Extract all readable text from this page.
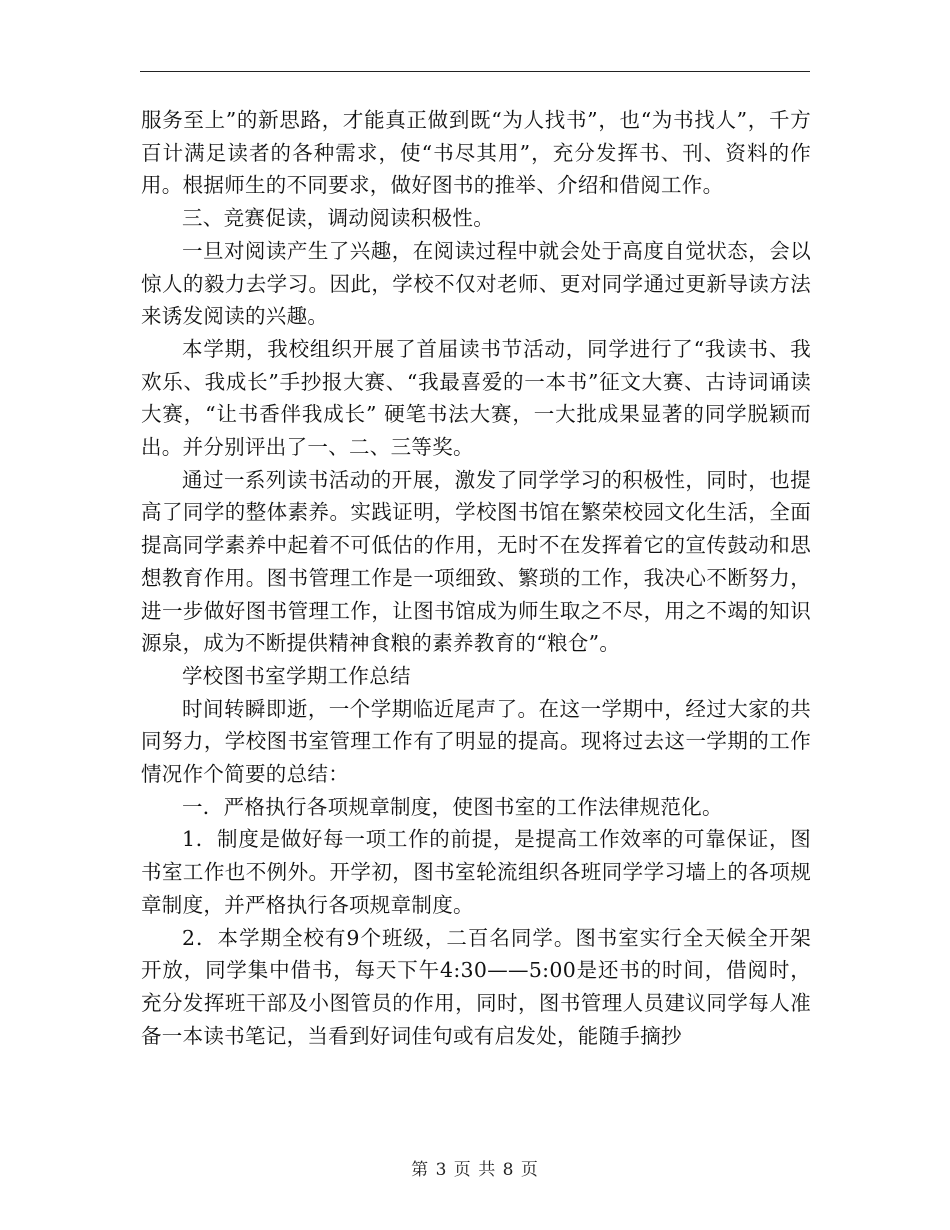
服务至上”的新思路，才能真正做到既“为人找书”，也“为书找人”，千方百计满足读者的各种需求，使“书尽其用”，充分发挥书、刊、资料的作用。根据师生的不同要求，做好图书的推举、介绍和借阅工作。

三、竞赛促读，调动阅读积极性。

一旦对阅读产生了兴趣，在阅读过程中就会处于高度自觉状态，会以惊人的毅力去学习。因此，学校不仅对老师、更对同学通过更新导读方法来诱发阅读的兴趣。

本学期，我校组织开展了首届读书节活动，同学进行了“我读书、我欢乐、我成长”手抄报大赛、“我最喜爱的一本书”征文大赛、古诗词诵读大赛，“让书香伴我成长” 硬笔书法大赛，一大批成果显著的同学脱颖而出。并分别评出了一、二、三等奖。

通过一系列读书活动的开展，激发了同学学习的积极性，同时，也提高了同学的整体素养。实践证明，学校图书馆在繁荣校园文化生活，全面提高同学素养中起着不可低估的作用，无时不在发挥着它的宣传鼓动和思想教育作用。图书管理工作是一项细致、繁琐的工作，我决心不断努力，进一步做好图书管理工作，让图书馆成为师生取之不尽，用之不竭的知识源泉，成为不断提供精神食粮的素养教育的“粮仓”。

学校图书室学期工作总结

时间转瞬即逝，一个学期临近尾声了。在这一学期中，经过大家的共同努力，学校图书室管理工作有了明显的提高。现将过去这一学期的工作情况作个简要的总结：

一．严格执行各项规章制度，使图书室的工作法律规范化。

1．制度是做好每一项工作的前提，是提高工作效率的可靠保证，图书室工作也不例外。开学初，图书室轮流组织各班同学学习墙上的各项规章制度，并严格执行各项规章制度。

2．本学期全校有9个班级，二百名同学。图书室实行全天候全开架开放，同学集中借书，每天下午4:30——5:00是还书的时间，借阅时，充分发挥班干部及小图管员的作用，同时，图书管理人员建议同学每人准备一本读书笔记，当看到好词佳句或有启发处，能随手摘抄

第 3 页 共 8 页
